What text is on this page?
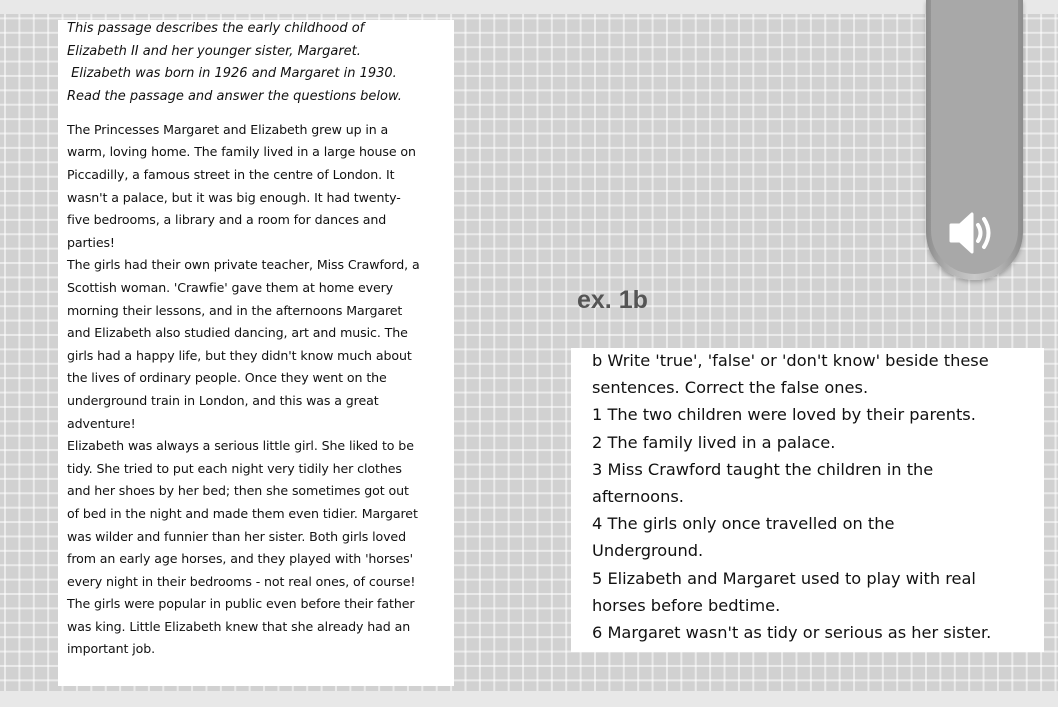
This passage describes the early childhood of
Elizabeth II and her younger sister, Margaret.
Elizabeth was born in 1926 and Margaret in 1930.
Read the passage and answer the questions below.

The Princesses Margaret and Elizabeth grew up in a warm, loving home. The family lived in a large house on Piccadilly, a famous street in the centre of London. It wasn't a palace, but it was big enough. It had twenty-five bedrooms, a library and a room for dances and parties!

The girls had their own private teacher, Miss Crawford, a Scottish woman. 'Crawfie' gave them at home every morning their lessons, and in the afternoons Margaret and Elizabeth also studied dancing, art and music. The girls had a happy life, but they didn't know much about the lives of ordinary people. Once they went on the underground train in London, and this was a great adventure!

Elizabeth was always a serious little girl. She liked to be tidy. She tried to put each night very tidily her clothes and her shoes by her bed; then she sometimes got out of bed in the night and made them even tidier. Margaret was wilder and funnier than her sister. Both girls loved from an early age horses, and they played with 'horses' every night in their bedrooms - not real ones, of course!

The girls were popular in public even before their father was king. Little Elizabeth knew that she already had an important job.

ex. 1b
b Write 'true', 'false' or 'don't know' beside these
sentences. Correct the false ones.
1 The two children were loved by their parents.
2 The family lived in a palace.
3 Miss Crawford taught the children in the
afternoons.
4 The girls only once travelled on the
Underground.
5 Elizabeth and Margaret used to play with real
horses before bedtime.
6 Margaret wasn't as tidy or serious as her sister.
